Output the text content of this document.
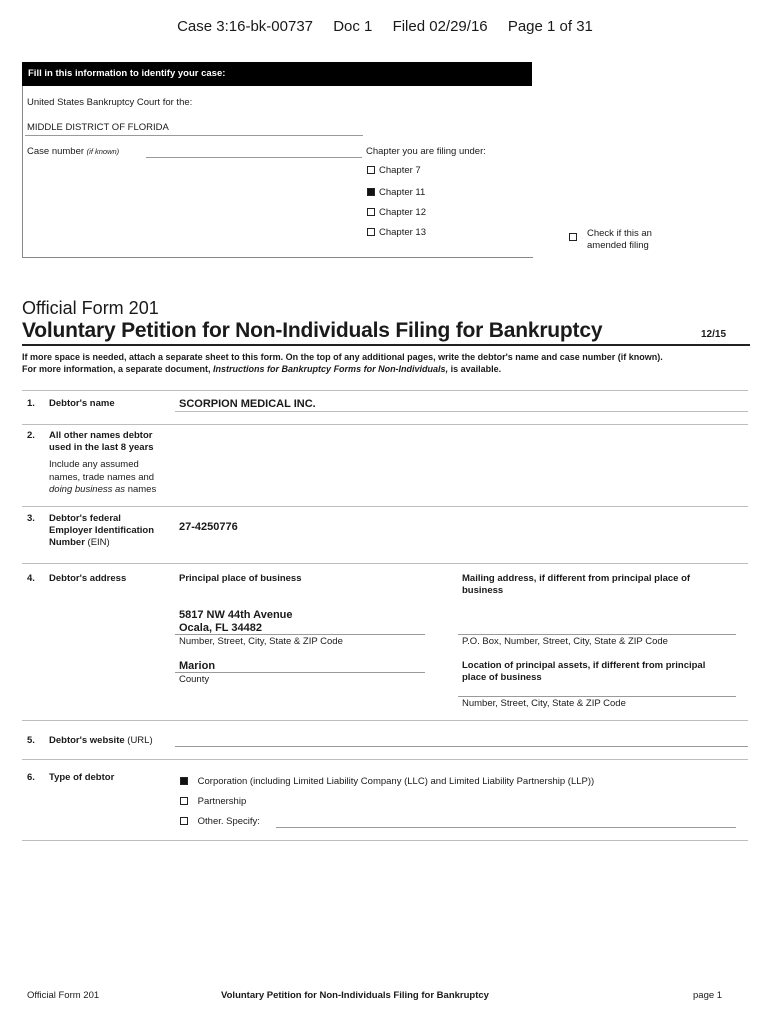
Case 3:16-bk-00737 Doc 1 Filed 02/29/16 Page 1 of 31
Fill in this information to identify your case:
United States Bankruptcy Court for the:
MIDDLE DISTRICT OF FLORIDA
Case number (if known)	Chapter you are filing under:
Chapter 7
Chapter 11
Chapter 12
Chapter 13	Check if this an
amended filing
Official Form 201
Voluntary Petition for Non-Individuals Filing for Bankruptcy	12/15
If more space is needed, attach a separate sheet to this form. On the top of any additional pages, write the debtor's name and case number (if known).
For more information, a separate document, Instructions for Bankruptcy Forms for Non-Individuals, is available.
1. Debtor's name	SCORPION MEDICAL INC.
2. All other names debtor
used in the last 8 years
Include any assumed
names, trade names and
doing business as names
3. Debtor's federal
Employer Identification
Number (EIN)
27-4250776
4. Debtor's address	Principal place of business	Mailing address, if different from principal place of
business
5817 NW 44th Avenue
Ocala, FL 34482
Number, Street, City, State & ZIP Code	P.O. Box, Number, Street, City, State & ZIP Code
Marion
County
Location of principal assets, if different from principal
place of business
Number, Street, City, State & ZIP Code
5. Debtor's website (URL)
6. Type of debtor	Corporation (including Limited Liability Company (LLC) and Limited Liability Partnership (LLP))
Partnership
Other. Specify:
Official Form 201	Voluntary Petition for Non-Individuals Filing for Bankruptcy	page 1
